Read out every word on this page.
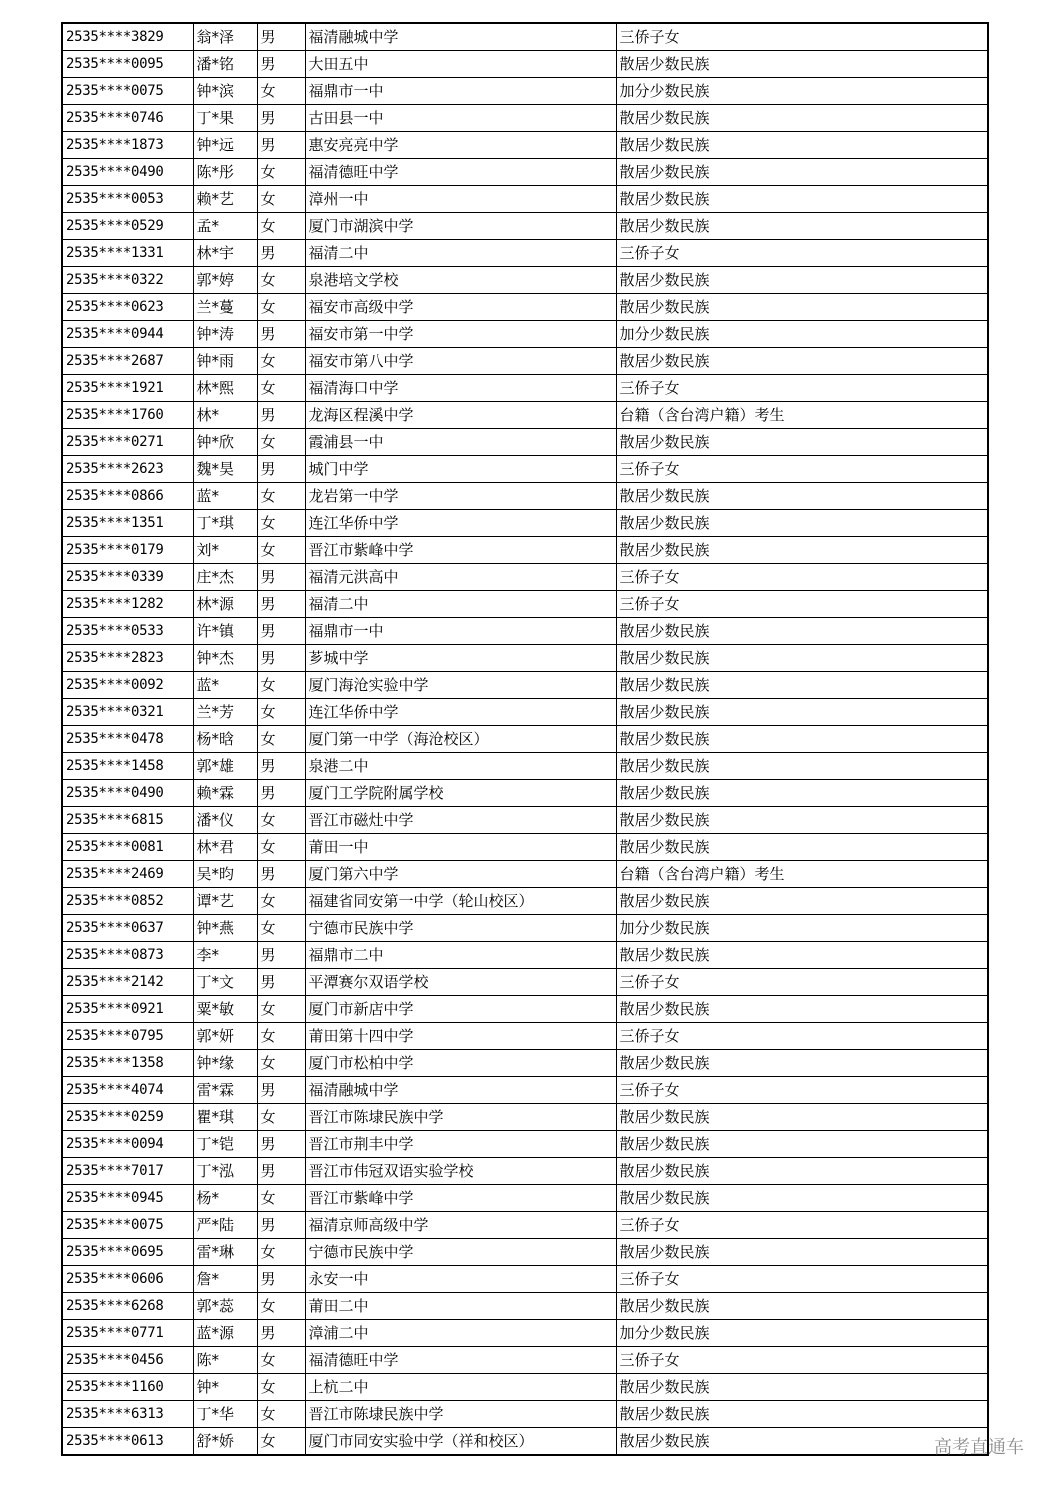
2535****3829	翁*泽	男	福清融城中学	三侨子女
2535****0095	潘*铭	男	大田五中	散居少数民族
2535****0075	钟*滨	女	福鼎市一中	加分少数民族
2535****0746	丁*果	男	古田县一中	散居少数民族
2535****1873	钟*远	男	惠安亮亮中学	散居少数民族
2535****0490	陈*彤	女	福清德旺中学	散居少数民族
2535****0053	赖*艺	女	漳州一中	散居少数民族
2535****0529	孟*	女	厦门市湖滨中学	散居少数民族
2535****1331	林*宇	男	福清二中	三侨子女
2535****0322	郭*婷	女	泉港培文学校	散居少数民族
2535****0623	兰*蔓	女	福安市高级中学	散居少数民族
2535****0944	钟*涛	男	福安市第一中学	加分少数民族
2535****2687	钟*雨	女	福安市第八中学	散居少数民族
2535****1921	林*熙	女	福清海口中学	三侨子女
2535****1760	林*	男	龙海区程溪中学	台籍（含台湾户籍）考生
2535****0271	钟*欣	女	霞浦县一中	散居少数民族
2535****2623	魏*昊	男	城门中学	三侨子女
2535****0866	蓝*	女	龙岩第一中学	散居少数民族
2535****1351	丁*琪	女	连江华侨中学	散居少数民族
2535****0179	刘*	女	晋江市紫峰中学	散居少数民族
2535****0339	庄*杰	男	福清元洪高中	三侨子女
2535****1282	林*源	男	福清二中	三侨子女
2535****0533	许*镇	男	福鼎市一中	散居少数民族
2535****2823	钟*杰	男	芗城中学	散居少数民族
2535****0092	蓝*	女	厦门海沧实验中学	散居少数民族
2535****0321	兰*芳	女	连江华侨中学	散居少数民族
2535****0478	杨*晗	女	厦门第一中学（海沧校区）	散居少数民族
2535****1458	郭*雄	男	泉港二中	散居少数民族
2535****0490	赖*霖	男	厦门工学院附属学校	散居少数民族
2535****6815	潘*仪	女	晋江市磁灶中学	散居少数民族
2535****0081	林*君	女	莆田一中	散居少数民族
2535****2469	吴*昀	男	厦门第六中学	台籍（含台湾户籍）考生
2535****0852	谭*艺	女	福建省同安第一中学（轮山校区）	散居少数民族
2535****0637	钟*燕	女	宁德市民族中学	加分少数民族
2535****0873	李*	男	福鼎市二中	散居少数民族
2535****2142	丁*文	男	平潭赛尔双语学校	三侨子女
2535****0921	粟*敏	女	厦门市新店中学	散居少数民族
2535****0795	郭*妍	女	莆田第十四中学	三侨子女
2535****1358	钟*缘	女	厦门市松柏中学	散居少数民族
2535****4074	雷*霖	男	福清融城中学	三侨子女
2535****0259	瞿*琪	女	晋江市陈埭民族中学	散居少数民族
2535****0094	丁*铠	男	晋江市荆丰中学	散居少数民族
2535****7017	丁*泓	男	晋江市伟冠双语实验学校	散居少数民族
2535****0945	杨*	女	晋江市紫峰中学	散居少数民族
2535****0075	严*陆	男	福清京师高级中学	三侨子女
2535****0695	雷*琳	女	宁德市民族中学	散居少数民族
2535****0606	詹*	男	永安一中	三侨子女
2535****6268	郭*蕊	女	莆田二中	散居少数民族
2535****0771	蓝*源	男	漳浦二中	加分少数民族
2535****0456	陈*	女	福清德旺中学	三侨子女
2535****1160	钟*	女	上杭二中	散居少数民族
2535****6313	丁*华	女	晋江市陈埭民族中学	散居少数民族
2535****0613	舒*娇	女	厦门市同安实验中学（祥和校区）	散居少数民族	高考直通车
